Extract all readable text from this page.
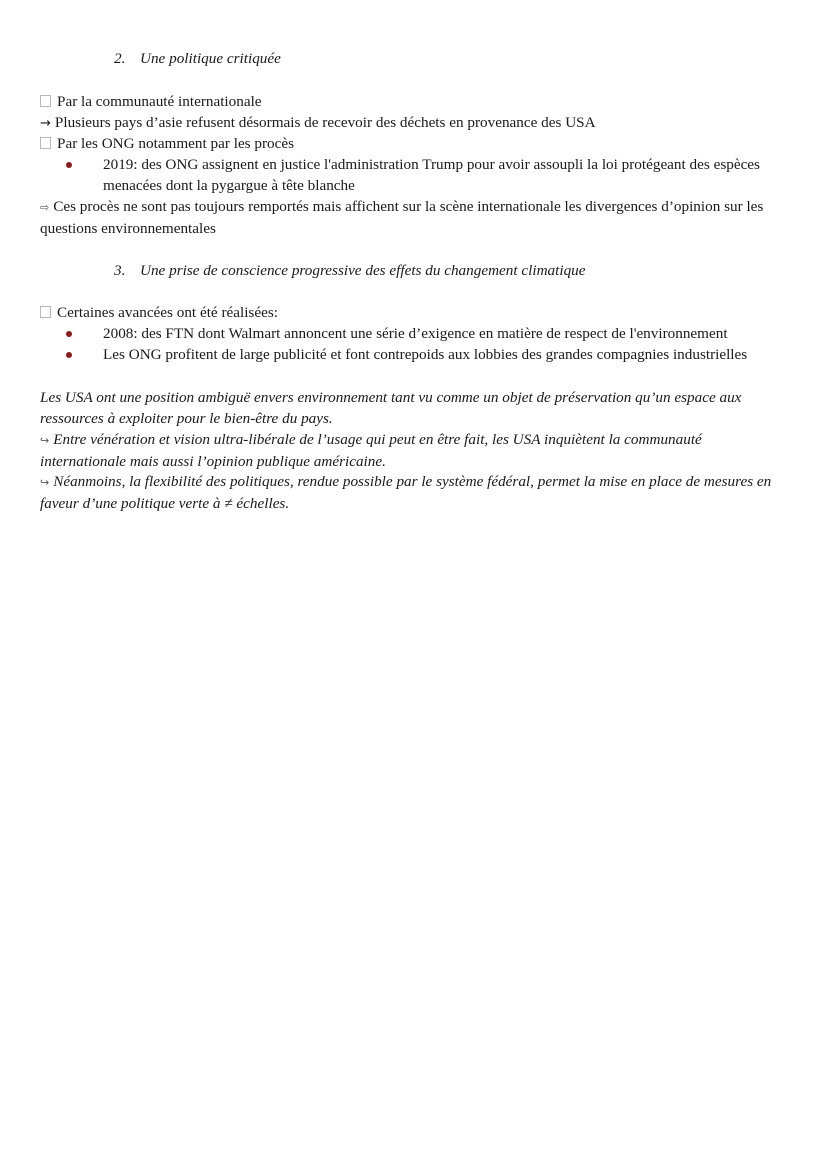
2. Une politique critiquée
Par la communauté internationale
→ Plusieurs pays d’asie refusent désormais de recevoir des déchets en provenance des USA
Par les ONG notamment par les procès
2019: des ONG assignent en justice l'administration Trump pour avoir assoupli la loi protégeant des espèces menacées dont la pygargue à tête blanche
⇨ Ces procès ne sont pas toujours remportés mais affichent sur la scène internationale les divergences d’opinion sur les questions environnementales
3. Une prise de conscience progressive des effets du changement climatique
Certaines avancées ont été réalisées:
2008: des FTN dont Walmart annoncent une série d’exigence en matière de respect de l'environnement
Les ONG profitent de large publicité et font contrepoids aux lobbies des grandes compagnies industrielles
Les USA ont une position ambiguë envers environnement tant vu comme un objet de préservation qu’un espace aux ressources à exploiter pour le bien-être du pays.
↪ Entre vénération et vision ultra-libérale de l’usage qui peut en être fait, les USA inquiètent la communauté internationale mais aussi l’opinion publique américaine.
↪ Néanmoins, la flexibilité des politiques, rendue possible par le système fédéral, permet la mise en place de mesures en faveur d’une politique verte à ≠ échelles.
